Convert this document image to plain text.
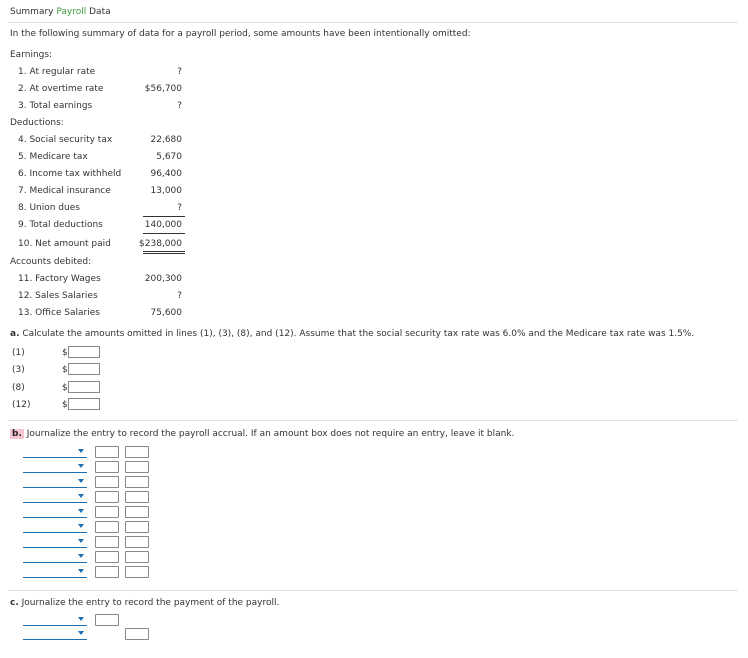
Summary Payroll Data
In the following summary of data for a payroll period, some amounts have been intentionally omitted:
Earnings:
1. At regular rate	?
2. At overtime rate	$56,700
3. Total earnings	?
Deductions:
4. Social security tax	22,680
5. Medicare tax	5,670
6. Income tax withheld	96,400
7. Medical insurance	13,000
8. Union dues	?
9. Total deductions	140,000
10. Net amount paid	$238,000
Accounts debited:
11. Factory Wages	200,300
12. Sales Salaries	?
13. Office Salaries	75,600
a. Calculate the amounts omitted in lines (1), (3), (8), and (12). Assume that the social security tax rate was 6.0% and the Medicare tax rate was 1.5%.
(1)	$
(3)	$
(8)	$
(12)	$
b. Journalize the entry to record the payroll accrual. If an amount box does not require an entry, leave it blank.
c. Journalize the entry to record the payment of the payroll.
